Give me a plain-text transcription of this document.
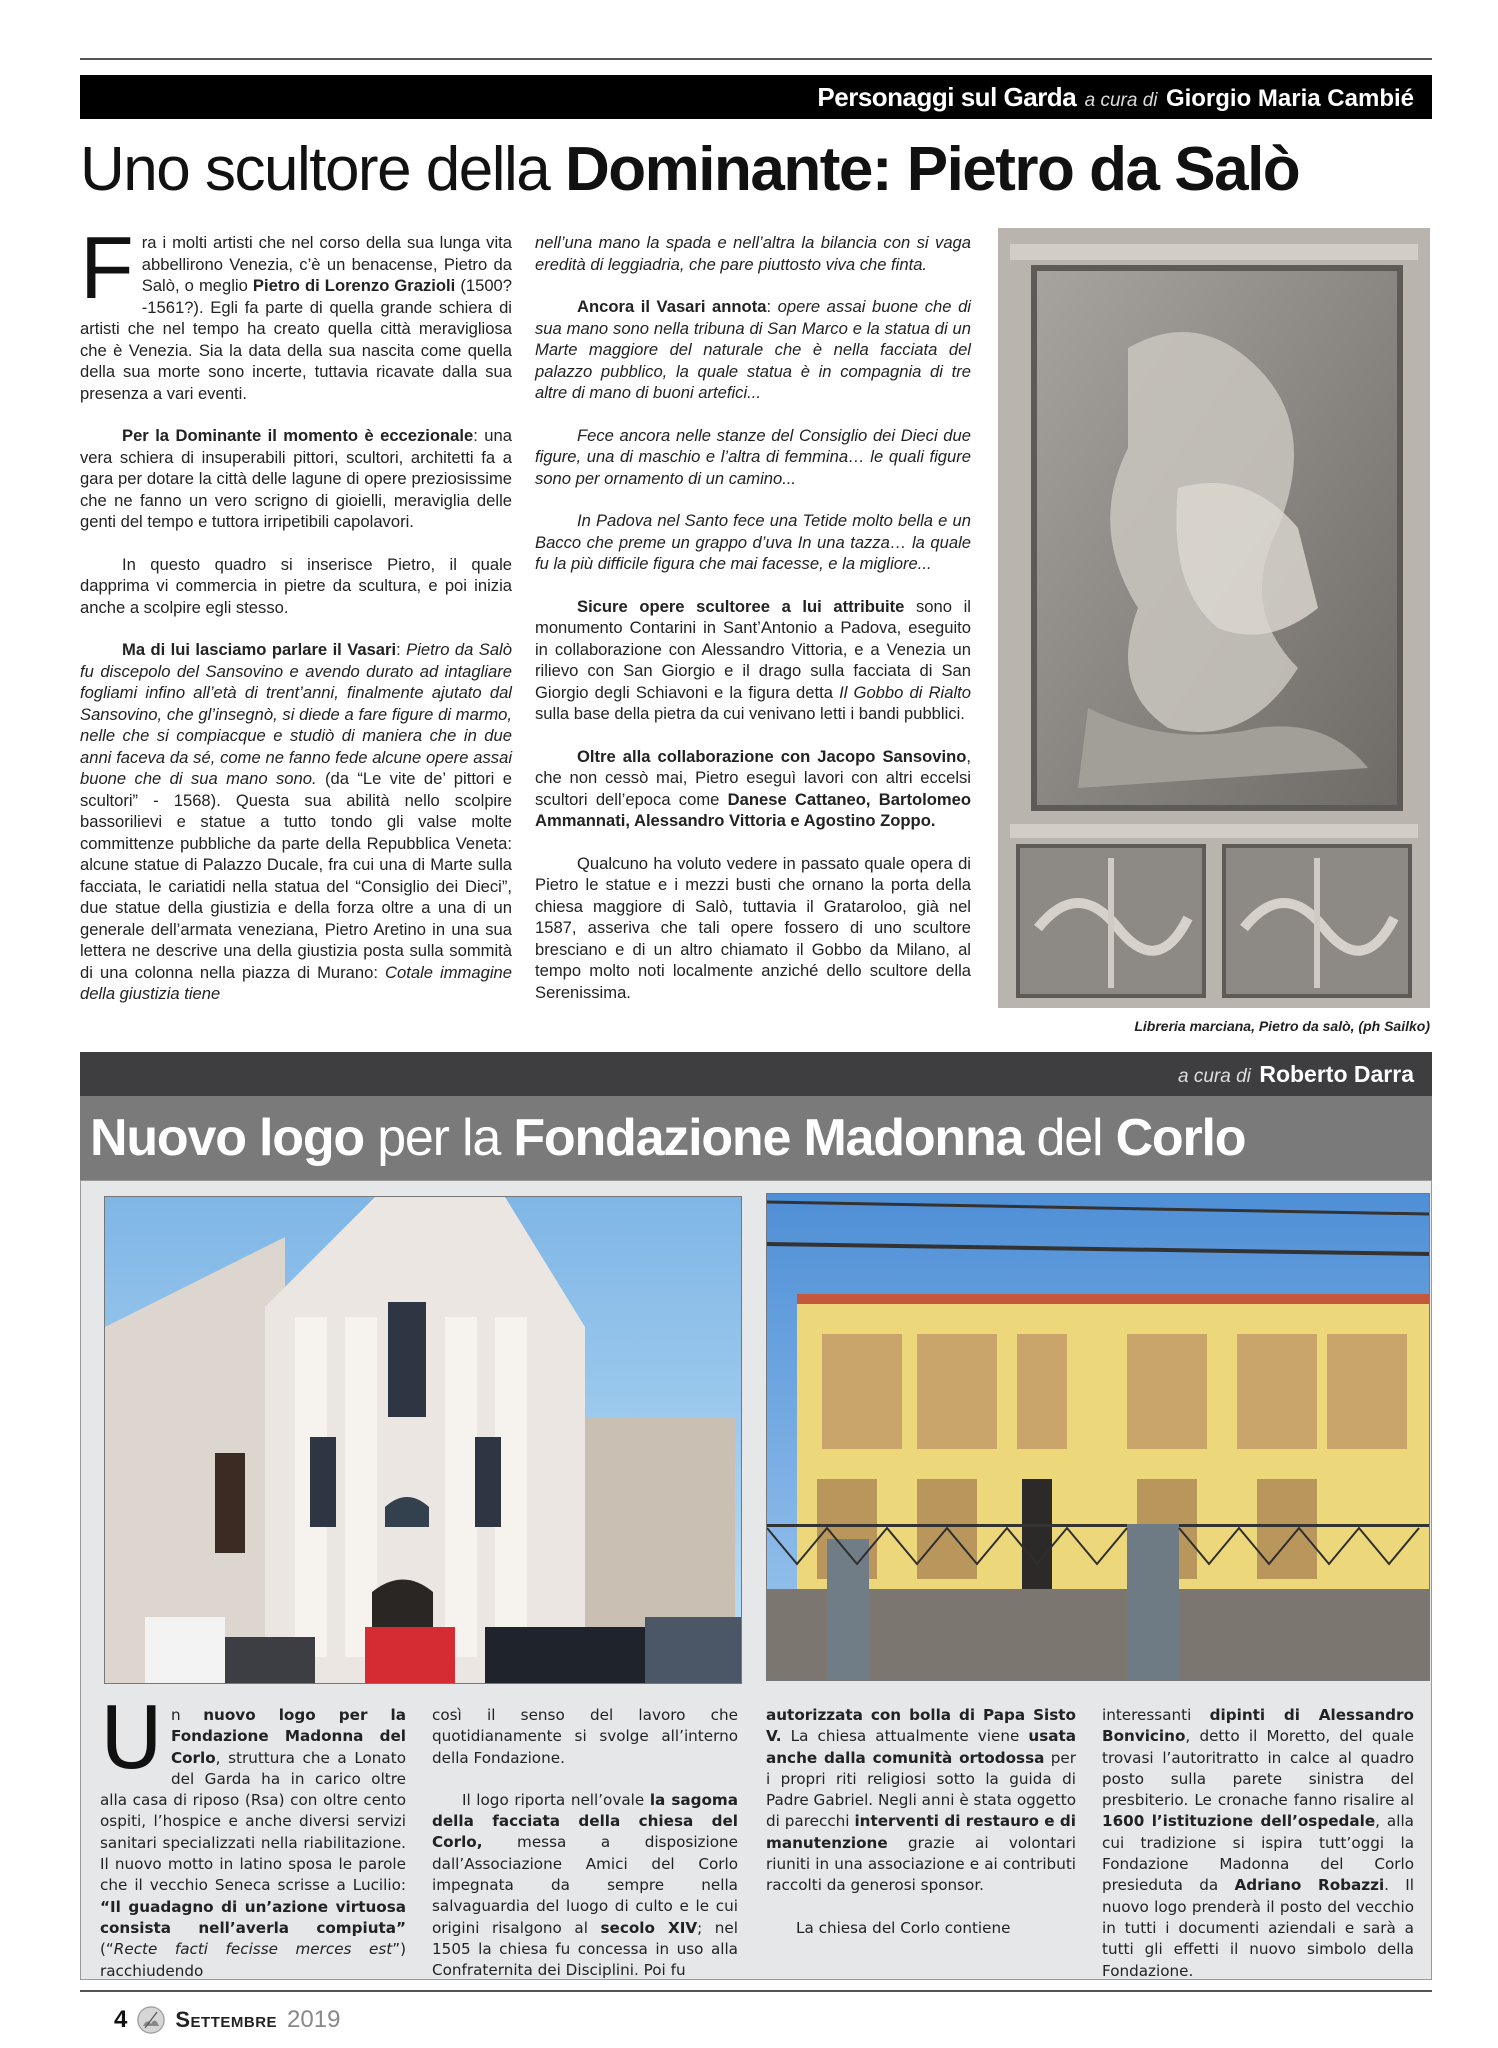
Personaggi sul Garda a cura di Giorgio Maria Cambié
Uno scultore della Dominante: Pietro da Salò

Fra i molti artisti che nel corso della sua lunga vita abbellirono Venezia, c’è un benacense, Pietro da Salò, o meglio Pietro di Lorenzo Grazioli (1500?-1561?). Egli fa parte di quella grande schiera di artisti che nel tempo ha creato quella città meravigliosa che è Venezia. Sia la data della sua nascita come quella della sua morte sono incerte, tuttavia ricavate dalla sua presenza a vari eventi.

Per la Dominante il momento è eccezionale: una vera schiera di insuperabili pittori, scultori, architetti fa a gara per dotare la città delle lagune di opere preziosissime che ne fanno un vero scrigno di gioielli, meraviglia delle genti del tempo e tuttora irripetibili capolavori.

In questo quadro si inserisce Pietro, il quale dapprima vi commercia in pietre da scultura, e poi inizia anche a scolpire egli stesso.

Ma di lui lasciamo parlare il Vasari: Pietro da Salò fu discepolo del Sansovino e avendo durato ad intagliare fogliami infino all’età di trent’anni, finalmente ajutato dal Sansovino, che gl’insegnò, si diede a fare figure di marmo, nelle che si compiacque e studiò di maniera che in due anni faceva da sé, come ne fanno fede alcune opere assai buone che di sua mano sono. (da “Le vite de’ pittori e scultori” - 1568). Questa sua abilità nello scolpire bassorilievi e statue a tutto tondo gli valse molte committenze pubbliche da parte della Repubblica Veneta: alcune statue di Palazzo Ducale, fra cui una di Marte sulla facciata, le cariatidi nella statua del “Consiglio dei Dieci”, due statue della giustizia e della forza oltre a una di un generale dell’armata veneziana, Pietro Aretino in una sua lettera ne descrive una della giustizia posta sulla sommità di una colonna nella piazza di Murano: Cotale immagine della giustizia tiene

nell’una mano la spada e nell’altra la bilancia con si vaga eredità di leggiadria, che pare piuttosto viva che finta.

Ancora il Vasari annota: opere assai buone che di sua mano sono nella tribuna di San Marco e la statua di un Marte maggiore del naturale che è nella facciata del palazzo pubblico, la quale statua è in compagnia di tre altre di mano di buoni artefici...

Fece ancora nelle stanze del Consiglio dei Dieci due figure, una di maschio e l’altra di femmina… le quali figure sono per ornamento di un camino...

In Padova nel Santo fece una Tetide molto bella e un Bacco che preme un grappo d’uva In una tazza… la quale fu la più difficile figura che mai facesse, e la migliore...

Sicure opere scultoree a lui attribuite sono il monumento Contarini in Sant’Antonio a Padova, eseguito in collaborazione con Alessandro Vittoria, e a Venezia un rilievo con San Giorgio e il drago sulla facciata di San Giorgio degli Schiavoni e la figura detta Il Gobbo di Rialto sulla base della pietra da cui venivano letti i bandi pubblici.

Oltre alla collaborazione con Jacopo Sansovino, che non cessò mai, Pietro eseguì lavori con altri eccelsi scultori dell’epoca come Danese Cattaneo, Bartolomeo Ammannati, Alessandro Vittoria e Agostino Zoppo.

Qualcuno ha voluto vedere in passato quale opera di Pietro le statue e i mezzi busti che ornano la porta della chiesa maggiore di Salò, tuttavia il Grataroloo, già nel 1587, asseriva che tali opere fossero di uno scultore bresciano e di un altro chiamato il Gobbo da Milano, al tempo molto noti localmente anziché dello scultore della Serenissima.

Libreria marciana, Pietro da salò, (ph Sailko)
a cura di Roberto Darra
Nuovo logo per la Fondazione Madonna del Corlo

Un nuovo logo per la Fondazione Madonna del Corlo, struttura che a Lonato del Garda ha in carico oltre alla casa di riposo (Rsa) con oltre cento ospiti, l’hospice e anche diversi servizi sanitari specializzati nella riabilitazione. Il nuovo motto in latino sposa le parole che il vecchio Seneca scrisse a Lucilio: “Il guadagno di un’azione virtuosa consista nell’averla compiuta” (“Recte facti fecisse merces est”) racchiudendo

così il senso del lavoro che quotidianamente si svolge all’interno della Fondazione.

Il logo riporta nell’ovale la sagoma della facciata della chiesa del Corlo, messa a disposizione dall’Associazione Amici del Corlo impegnata da sempre nella salvaguardia del luogo di culto e le cui origini risalgono al secolo XIV; nel 1505 la chiesa fu concessa in uso alla Confraternita dei Disciplini. Poi fu

autorizzata con bolla di Papa Sisto V. La chiesa attualmente viene usata anche dalla comunità ortodossa per i propri riti religiosi sotto la guida di Padre Gabriel. Negli anni è stata oggetto di parecchi interventi di restauro e di manutenzione grazie ai volontari riuniti in una associazione e ai contributi raccolti da generosi sponsor.

La chiesa del Corlo contiene

interessanti dipinti di Alessandro Bonvicino, detto il Moretto, del quale trovasi l’autoritratto in calce al quadro posto sulla parete sinistra del presbiterio. Le cronache fanno risalire al 1600 l’istituzione dell’ospedale, alla cui tradizione si ispira tutt’oggi la Fondazione Madonna del Corlo presieduta da Adriano Robazzi. Il nuovo logo prenderà il posto del vecchio in tutti i documenti aziendali e sarà a tutti gli effetti il nuovo simbolo della Fondazione.

4 Settembre 2019
